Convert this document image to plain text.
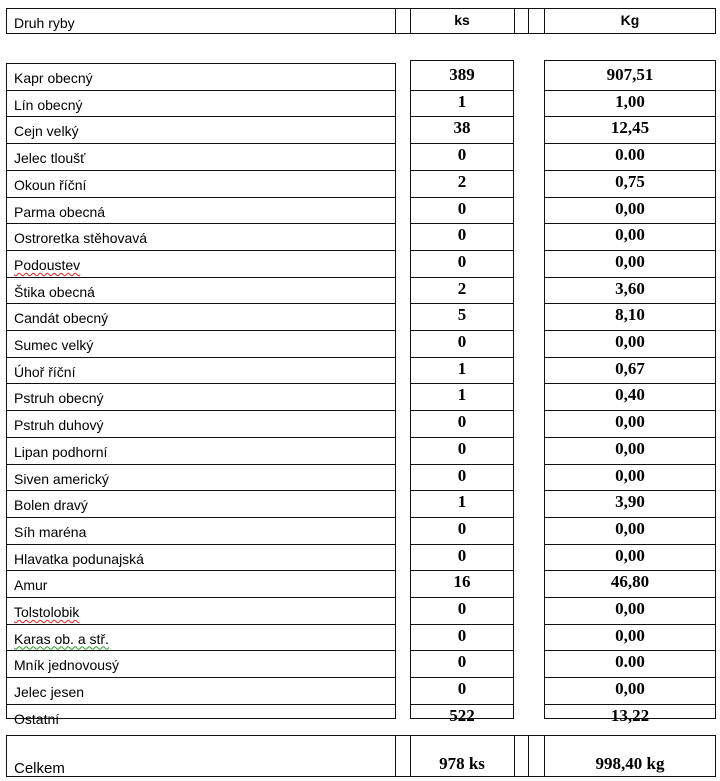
Druh ryby	ks	Kg
Kapr obecný	389	907,51
Lín obecný	1	1,00
Cejn velký	38	12,45
Jelec tloušť	0	0.00
Okoun říční	2	0,75
Parma obecná	0	0,00
Ostroretka stěhovavá	0	0,00
Podoustev	0	0,00
Štika obecná	2	3,60
Candát obecný	5	8,10
Sumec velký	0	0,00
Úhoř říční	1	0,67
Pstruh obecný	1	0,40
Pstruh duhový	0	0,00
Lipan podhorní	0	0,00
Siven americký	0	0,00
Bolen dravý	1	3,90
Síh maréna	0	0,00
Hlavatka podunajská	0	0,00
Amur	16	46,80
Tolstolobik	0	0,00
Karas ob. a stř.	0	0,00
Mník jednovousý	0	0.00
Jelec jesen	0	0,00
Ostatní	522	13,22
Celkem	978 ks	998,40 kg
